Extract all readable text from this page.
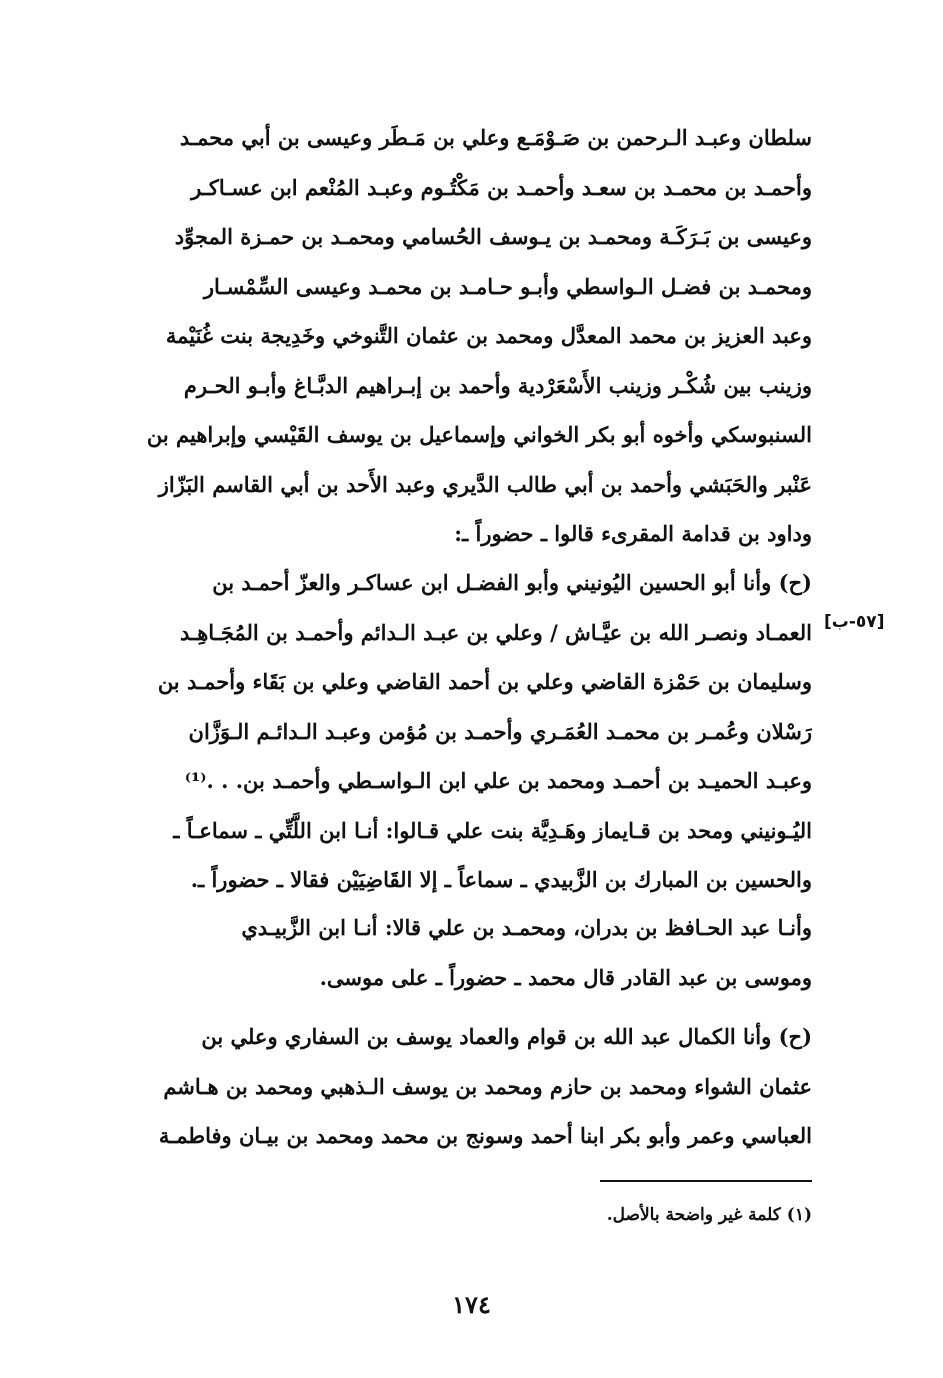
سلطان وعبـد الـرحمن بن صَـوْمَـع وعلي بن مَـطَر وعيسى بن أبي محمـد
وأحمـد بن محمـد بن سعـد وأحمـد بن مَكْتُـوم وعبـد المُنْعم ابن عسـاكـر
وعيسى بن بَـرَكَـة ومحمـد بن يـوسف الحُسامي ومحمـد بن حمـزة المجوِّد
ومحمـد بن فضـل الـواسطي وأبـو حـامـد بن محمـد وعيسى السِّمْسـار
وعبد العزيز بن محمد المعدَّل ومحمد بن عثمان التَّنوخي وخَدِيجة بنت غُنَيْمة
وزينب بين شُكْـر وزينب الأَسْعَرْدية وأحمد بن إبـراهيم الدبَّـاغ وأبـو الحـرم
السنبوسكي وأخوه أبو بكر الخواني وإسماعيل بن يوسف القَيْسي وإبراهيم بن
عَنْبر والحَبَشي وأحمد بن أبي طالب الدَّيري وعبد الأَحد بن أبي القاسم البَزّاز
وداود بن قدامة المقرىء قالوا ـ حضوراً ـ:
(ح) وأنا أبو الحسين اليُونيني وأبو الفضـل ابن عساكـر والعزّ أحمـد بن
العمـاد ونصـر الله بن عيَّـاش / وعلي بن عبـد الـدائم وأحمـد بن المُجَـاهِـد
وسليمان بن حَمْزة القاضي وعلي بن أحمد القاضي وعلي بن بَقَاء وأحمـد بن
رَسْلان وعُمـر بن محمـد العُمَـري وأحمـد بن مُؤمن وعبـد الـدائـم الـوَزَّان
وعبـد الحميـد بن أحمـد ومحمد بن علي ابن الـواسـطي وأحمـد بن. . .⁽¹⁾
اليُـونيني ومحد بن قـايماز وهَـدِيَّة بنت علي قـالوا: أنـا ابن اللَّتِّي ـ سماعـاً ـ
والحسين بن المبارك بن الزَّبيدي ـ سماعاً ـ إلا القَاضِيَيْن فقالا ـ حضوراً ـ.
[٥٧-ب]
وأنـا عبد الحـافظ بن بدران، ومحمـد بن علي قالا: أنـا ابن الزَّبيـدي
وموسى بن عبد القادر قال محمد ـ حضوراً ـ على موسى.
(ح) وأنا الكمال عبد الله بن قوام والعماد يوسف بن السفاري وعلي بن
عثمان الشواء ومحمد بن حازم ومحمد بن يوسف الـذهبي ومحمد بن هـاشم
العباسي وعمر وأبو بكر ابنا أحمد وسونج بن محمد ومحمد بن بيـان وفاطمـة
(١) كلمة غير واضحة بالأصل.
١٧٤
